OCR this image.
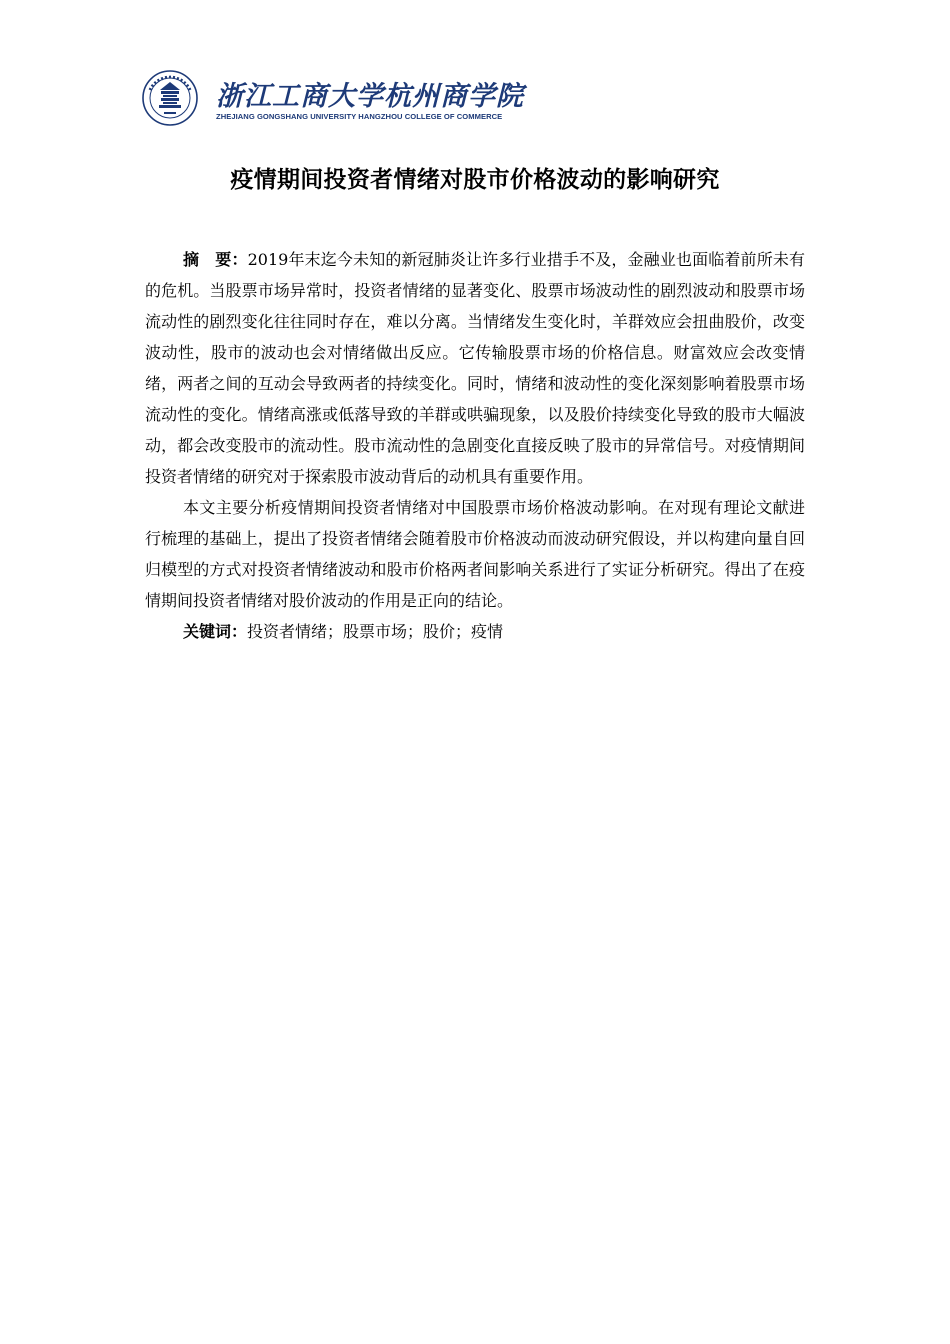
浙江工商大学杭州商学院
ZHEJIANG GONGSHANG UNIVERSITY HANGZHOU COLLEGE OF COMMERCE
疫情期间投资者情绪对股市价格波动的影响研究

摘　要：2019年末迄今未知的新冠肺炎让许多行业措手不及，金融业也面临着前所未有的危机。当股票市场异常时，投资者情绪的显著变化、股票市场波动性的剧烈波动和股票市场流动性的剧烈变化往往同时存在，难以分离。当情绪发生变化时，羊群效应会扭曲股价，改变波动性，股市的波动也会对情绪做出反应。它传输股票市场的价格信息。财富效应会改变情绪，两者之间的互动会导致两者的持续变化。同时，情绪和波动性的变化深刻影响着股票市场流动性的变化。情绪高涨或低落导致的羊群或哄骗现象，以及股价持续变化导致的股市大幅波动，都会改变股市的流动性。股市流动性的急剧变化直接反映了股市的异常信号。对疫情期间投资者情绪的研究对于探索股市波动背后的动机具有重要作用。

本文主要分析疫情期间投资者情绪对中国股票市场价格波动影响。在对现有理论文献进行梳理的基础上，提出了投资者情绪会随着股市价格波动而波动研究假设，并以构建向量自回归模型的方式对投资者情绪波动和股市价格两者间影响关系进行了实证分析研究。得出了在疫情期间投资者情绪对股价波动的作用是正向的结论。

关键词：投资者情绪；股票市场；股价；疫情
